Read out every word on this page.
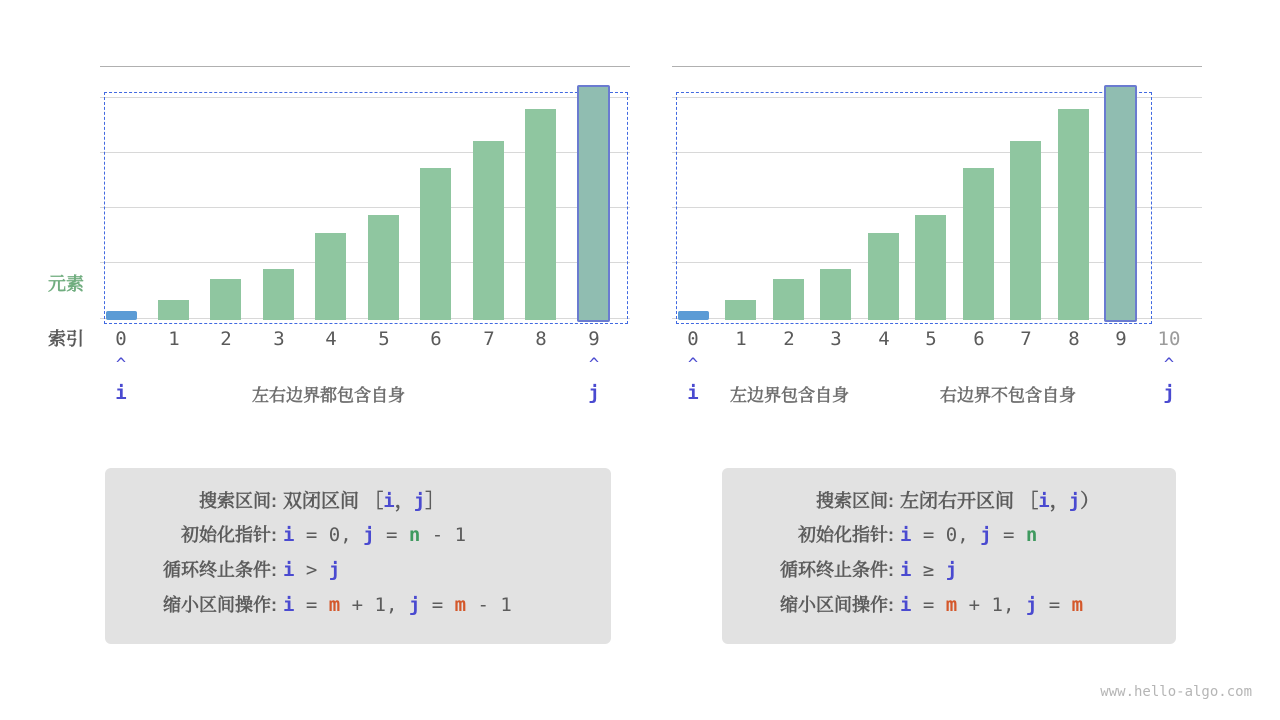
元素
索引	0	1	2	3	4	5	6	7	8	9
^
i
^
j
左右边界都包含自身
搜索区间: 双闭区间 ［i，j］
初始化指针: i = 0, j = n - 1
循环终止条件: i > j
缩小区间操作: i = m + 1, j = m - 1
0	1	2	3	4	5	6	7	8	9	10
^
i
^
j
左边界包含自身	右边界不包含自身
搜索区间: 左闭右开区间 ［i，j）
初始化指针: i = 0, j = n
循环终止条件: i ≥ j
缩小区间操作: i = m + 1, j = m
www.hello-algo.com
